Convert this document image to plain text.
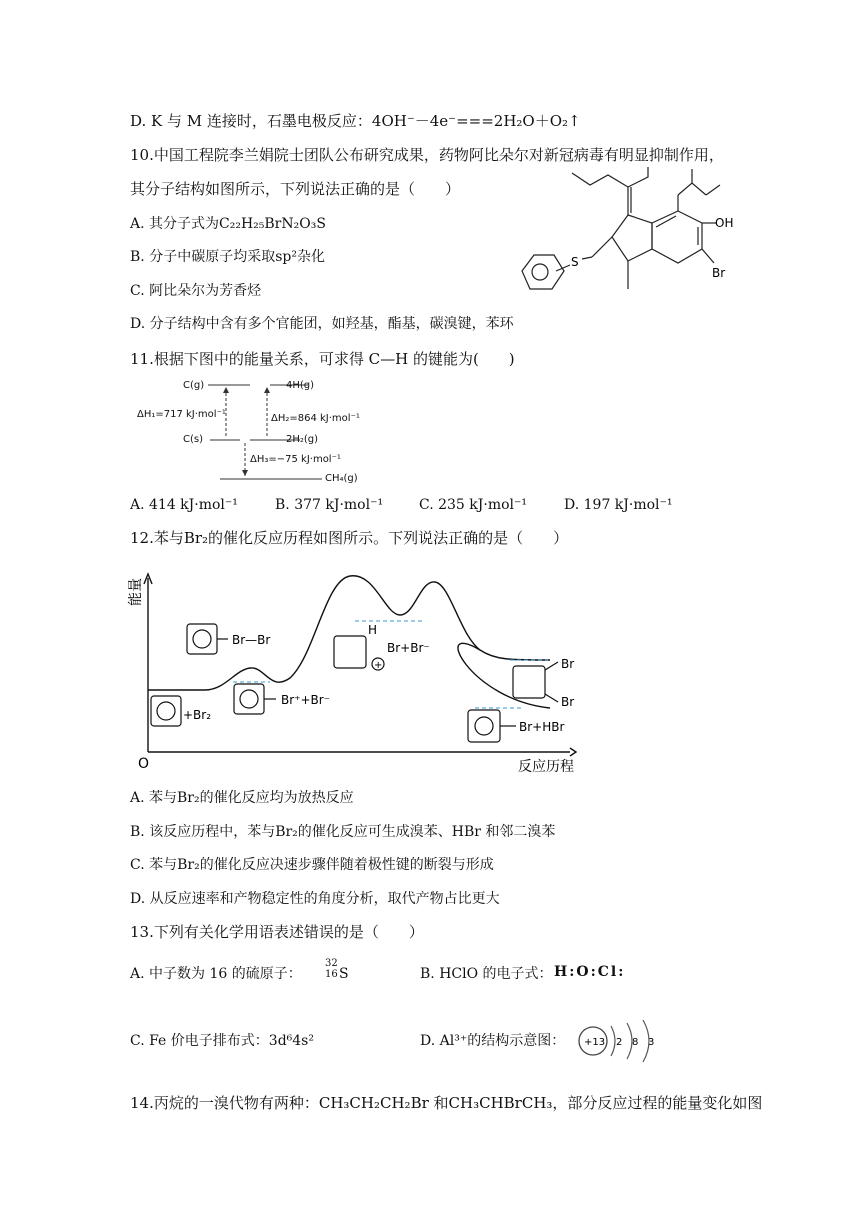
D. K 与 M 连接时，石墨电极反应：4OH⁻－4e⁻===2H₂O＋O₂↑
10.中国工程院李兰娟院士团队公布研究成果，药物阿比朵尔对新冠病毒有明显抑制作用，
其分子结构如图所示，下列说法正确的是（　　）
A. 其分子式为C₂₂H₂₅BrN₂O₃S
B. 分子中碳原子均采取sp²杂化
C. 阿比朵尔为芳香烃
D. 分子结构中含有多个官能团，如羟基，酯基，碳溴键，苯环
OH
Br
S
11.根据下图中的能量关系，可求得 C—H 的键能为(　　)
C(g)	4H(g)
ΔH₁=717 kJ·mol⁻¹	ΔH₂=864 kJ·mol⁻¹
C(s)	2H₂(g)
ΔH₃=−75 kJ·mol⁻¹
CH₄(g)
A. 414 kJ·mol⁻¹	B. 377 kJ·mol⁻¹	C. 235 kJ·mol⁻¹	D. 197 kJ·mol⁻¹
12.苯与Br₂的催化反应历程如图所示。下列说法正确的是（　　）
能量
O	反应历程
+Br₂
Br—Br
Br⁺+Br⁻
H
Br+Br⁻
+	Br
Br
Br+HBr
A. 苯与Br₂的催化反应均为放热反应
B. 该反应历程中，苯与Br₂的催化反应可生成溴苯、HBr 和邻二溴苯
C. 苯与Br₂的催化反应决速步骤伴随着极性键的断裂与形成
D. 从反应速率和产物稳定性的角度分析，取代产物占比更大
13.下列有关化学用语表述错误的是（　　）
A. 中子数为 16 的硫原子：
32
16 S	B. HClO 的电子式： H:O:Cl:
C. Fe 价电子排布式：3d⁶4s²	D. Al³⁺的结构示意图： +13 2 8 3
14.丙烷的一溴代物有两种：CH₃CH₂CH₂Br 和CH₃CHBrCH₃，部分反应过程的能量变化如图
